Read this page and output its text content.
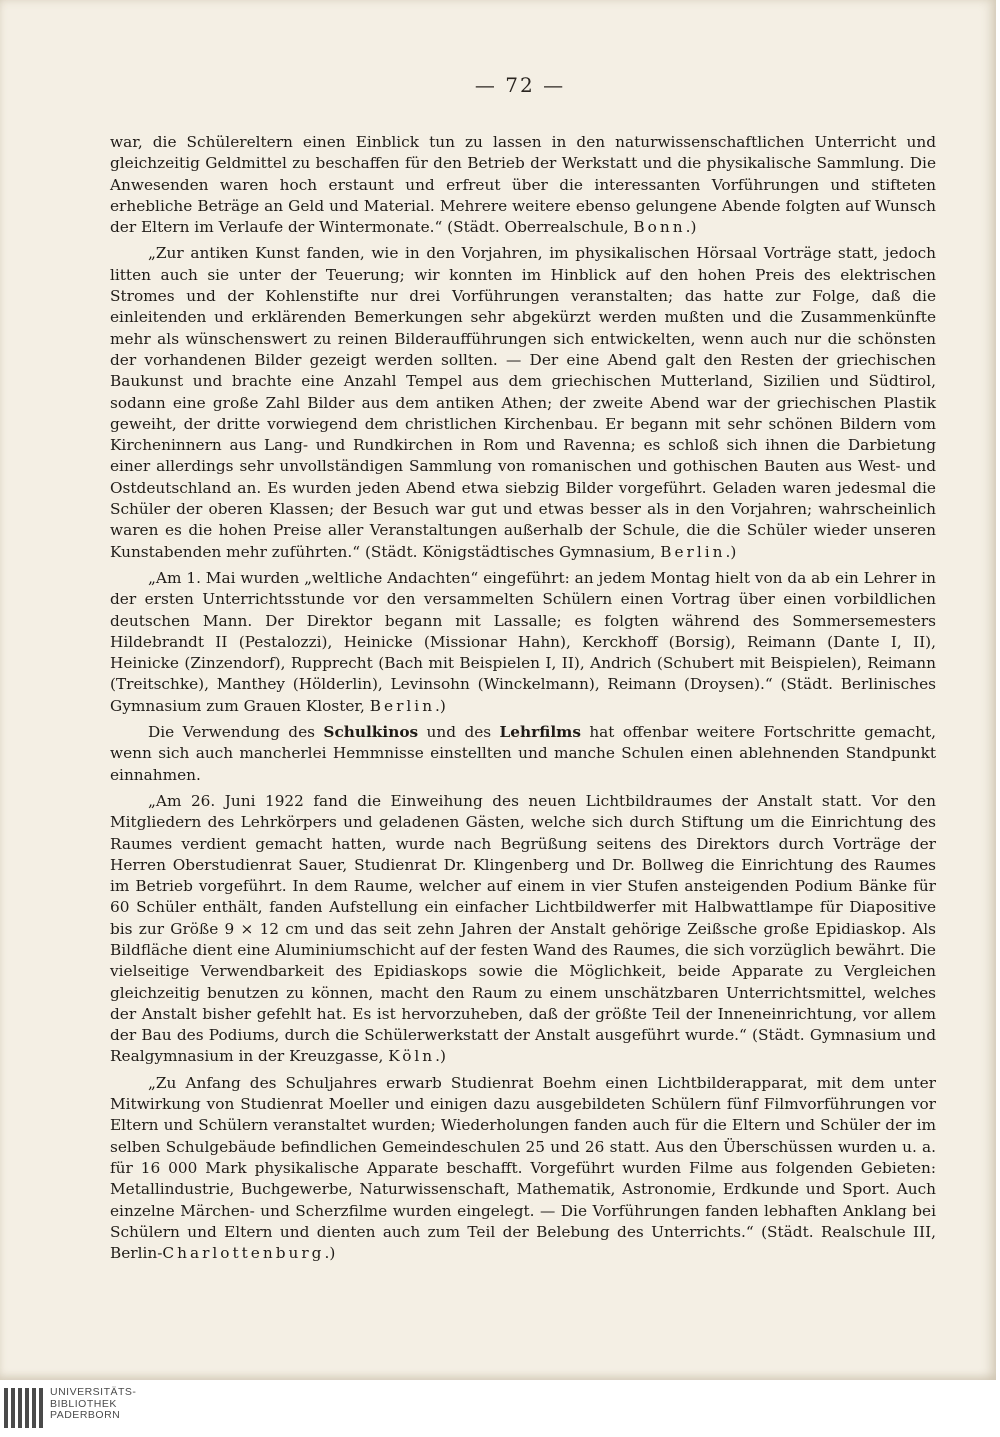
— 72 —

war, die Schülereltern einen Einblick tun zu lassen in den naturwissenschaftlichen Unterricht und gleichzeitig Geldmittel zu beschaffen für den Betrieb der Werkstatt und die physikalische Sammlung. Die Anwesenden waren hoch erstaunt und erfreut über die interessanten Vorführungen und stifteten erhebliche Beträge an Geld und Material. Mehrere weitere ebenso gelungene Abende folgten auf Wunsch der Eltern im Verlaufe der Wintermonate.“ (Städt. Oberrealschule, Bonn.)

„Zur antiken Kunst fanden, wie in den Vorjahren, im physikalischen Hörsaal Vorträge statt, jedoch litten auch sie unter der Teuerung; wir konnten im Hinblick auf den hohen Preis des elektrischen Stromes und der Kohlenstifte nur drei Vorführungen veranstalten; das hatte zur Folge, daß die einleitenden und erklärenden Bemerkungen sehr abgekürzt werden mußten und die Zusammenkünfte mehr als wünschenswert zu reinen Bilderaufführungen sich entwickelten, wenn auch nur die schönsten der vorhandenen Bilder gezeigt werden sollten. — Der eine Abend galt den Resten der griechischen Baukunst und brachte eine Anzahl Tempel aus dem griechischen Mutterland, Sizilien und Südtirol, sodann eine große Zahl Bilder aus dem antiken Athen; der zweite Abend war der griechischen Plastik geweiht, der dritte vorwiegend dem christlichen Kirchenbau. Er begann mit sehr schönen Bildern vom Kircheninnern aus Lang- und Rundkirchen in Rom und Ravenna; es schloß sich ihnen die Darbietung einer allerdings sehr unvollständigen Sammlung von romanischen und gothischen Bauten aus West- und Ostdeutschland an. Es wurden jeden Abend etwa siebzig Bilder vorgeführt. Geladen waren jedesmal die Schüler der oberen Klassen; der Besuch war gut und etwas besser als in den Vorjahren; wahrscheinlich waren es die hohen Preise aller Veranstaltungen außerhalb der Schule, die die Schüler wieder unseren Kunstabenden mehr zuführten.“ (Städt. Königstädtisches Gymnasium, Berlin.)

„Am 1. Mai wurden „weltliche Andachten“ eingeführt: an jedem Montag hielt von da ab ein Lehrer in der ersten Unterrichtsstunde vor den versammelten Schülern einen Vortrag über einen vorbildlichen deutschen Mann. Der Direktor begann mit Lassalle; es folgten während des Sommersemesters Hildebrandt II (Pestalozzi), Heinicke (Missionar Hahn), Kerckhoff (Borsig), Reimann (Dante I, II), Heinicke (Zinzendorf), Rupprecht (Bach mit Beispielen I, II), Andrich (Schubert mit Beispielen), Reimann (Treitschke), Manthey (Hölderlin), Levinsohn (Winckelmann), Reimann (Droysen).“ (Städt. Berlinisches Gymnasium zum Grauen Kloster, Berlin.)

Die Verwendung des Schulkinos und des Lehrfilms hat offenbar weitere Fortschritte gemacht, wenn sich auch mancherlei Hemmnisse einstellten und manche Schulen einen ablehnenden Standpunkt einnahmen.

„Am 26. Juni 1922 fand die Einweihung des neuen Lichtbildraumes der Anstalt statt. Vor den Mitgliedern des Lehrkörpers und geladenen Gästen, welche sich durch Stiftung um die Einrichtung des Raumes verdient gemacht hatten, wurde nach Begrüßung seitens des Direktors durch Vorträge der Herren Oberstudienrat Sauer, Studienrat Dr. Klingenberg und Dr. Bollweg die Einrichtung des Raumes im Betrieb vorgeführt. In dem Raume, welcher auf einem in vier Stufen ansteigenden Podium Bänke für 60 Schüler enthält, fanden Aufstellung ein einfacher Lichtbildwerfer mit Halbwattlampe für Diapositive bis zur Größe 9 × 12 cm und das seit zehn Jahren der Anstalt gehörige Zeißsche große Epidiaskop. Als Bildfläche dient eine Aluminiumschicht auf der festen Wand des Raumes, die sich vorzüglich bewährt. Die vielseitige Verwendbarkeit des Epidiaskops sowie die Möglichkeit, beide Apparate zu Vergleichen gleichzeitig benutzen zu können, macht den Raum zu einem unschätzbaren Unterrichtsmittel, welches der Anstalt bisher gefehlt hat. Es ist hervorzuheben, daß der größte Teil der Inneneinrichtung, vor allem der Bau des Podiums, durch die Schülerwerkstatt der Anstalt ausgeführt wurde.“ (Städt. Gymnasium und Realgymnasium in der Kreuzgasse, Köln.)

„Zu Anfang des Schuljahres erwarb Studienrat Boehm einen Lichtbilderapparat, mit dem unter Mitwirkung von Studienrat Moeller und einigen dazu ausgebildeten Schülern fünf Filmvorführungen vor Eltern und Schülern veranstaltet wurden; Wiederholungen fanden auch für die Eltern und Schüler der im selben Schulgebäude befindlichen Gemeindeschulen 25 und 26 statt. Aus den Überschüssen wurden u. a. für 16 000 Mark physikalische Apparate beschafft. Vorgeführt wurden Filme aus folgenden Gebieten: Metallindustrie, Buchgewerbe, Naturwissenschaft, Mathematik, Astronomie, Erdkunde und Sport. Auch einzelne Märchen- und Scherzfilme wurden eingelegt. — Die Vorführungen fanden lebhaften Anklang bei Schülern und Eltern und dienten auch zum Teil der Belebung des Unterrichts.“ (Städt. Realschule III, Berlin-Charlottenburg.)

UNIVERSITÄTS-
BIBLIOTHEK
PADERBORN
